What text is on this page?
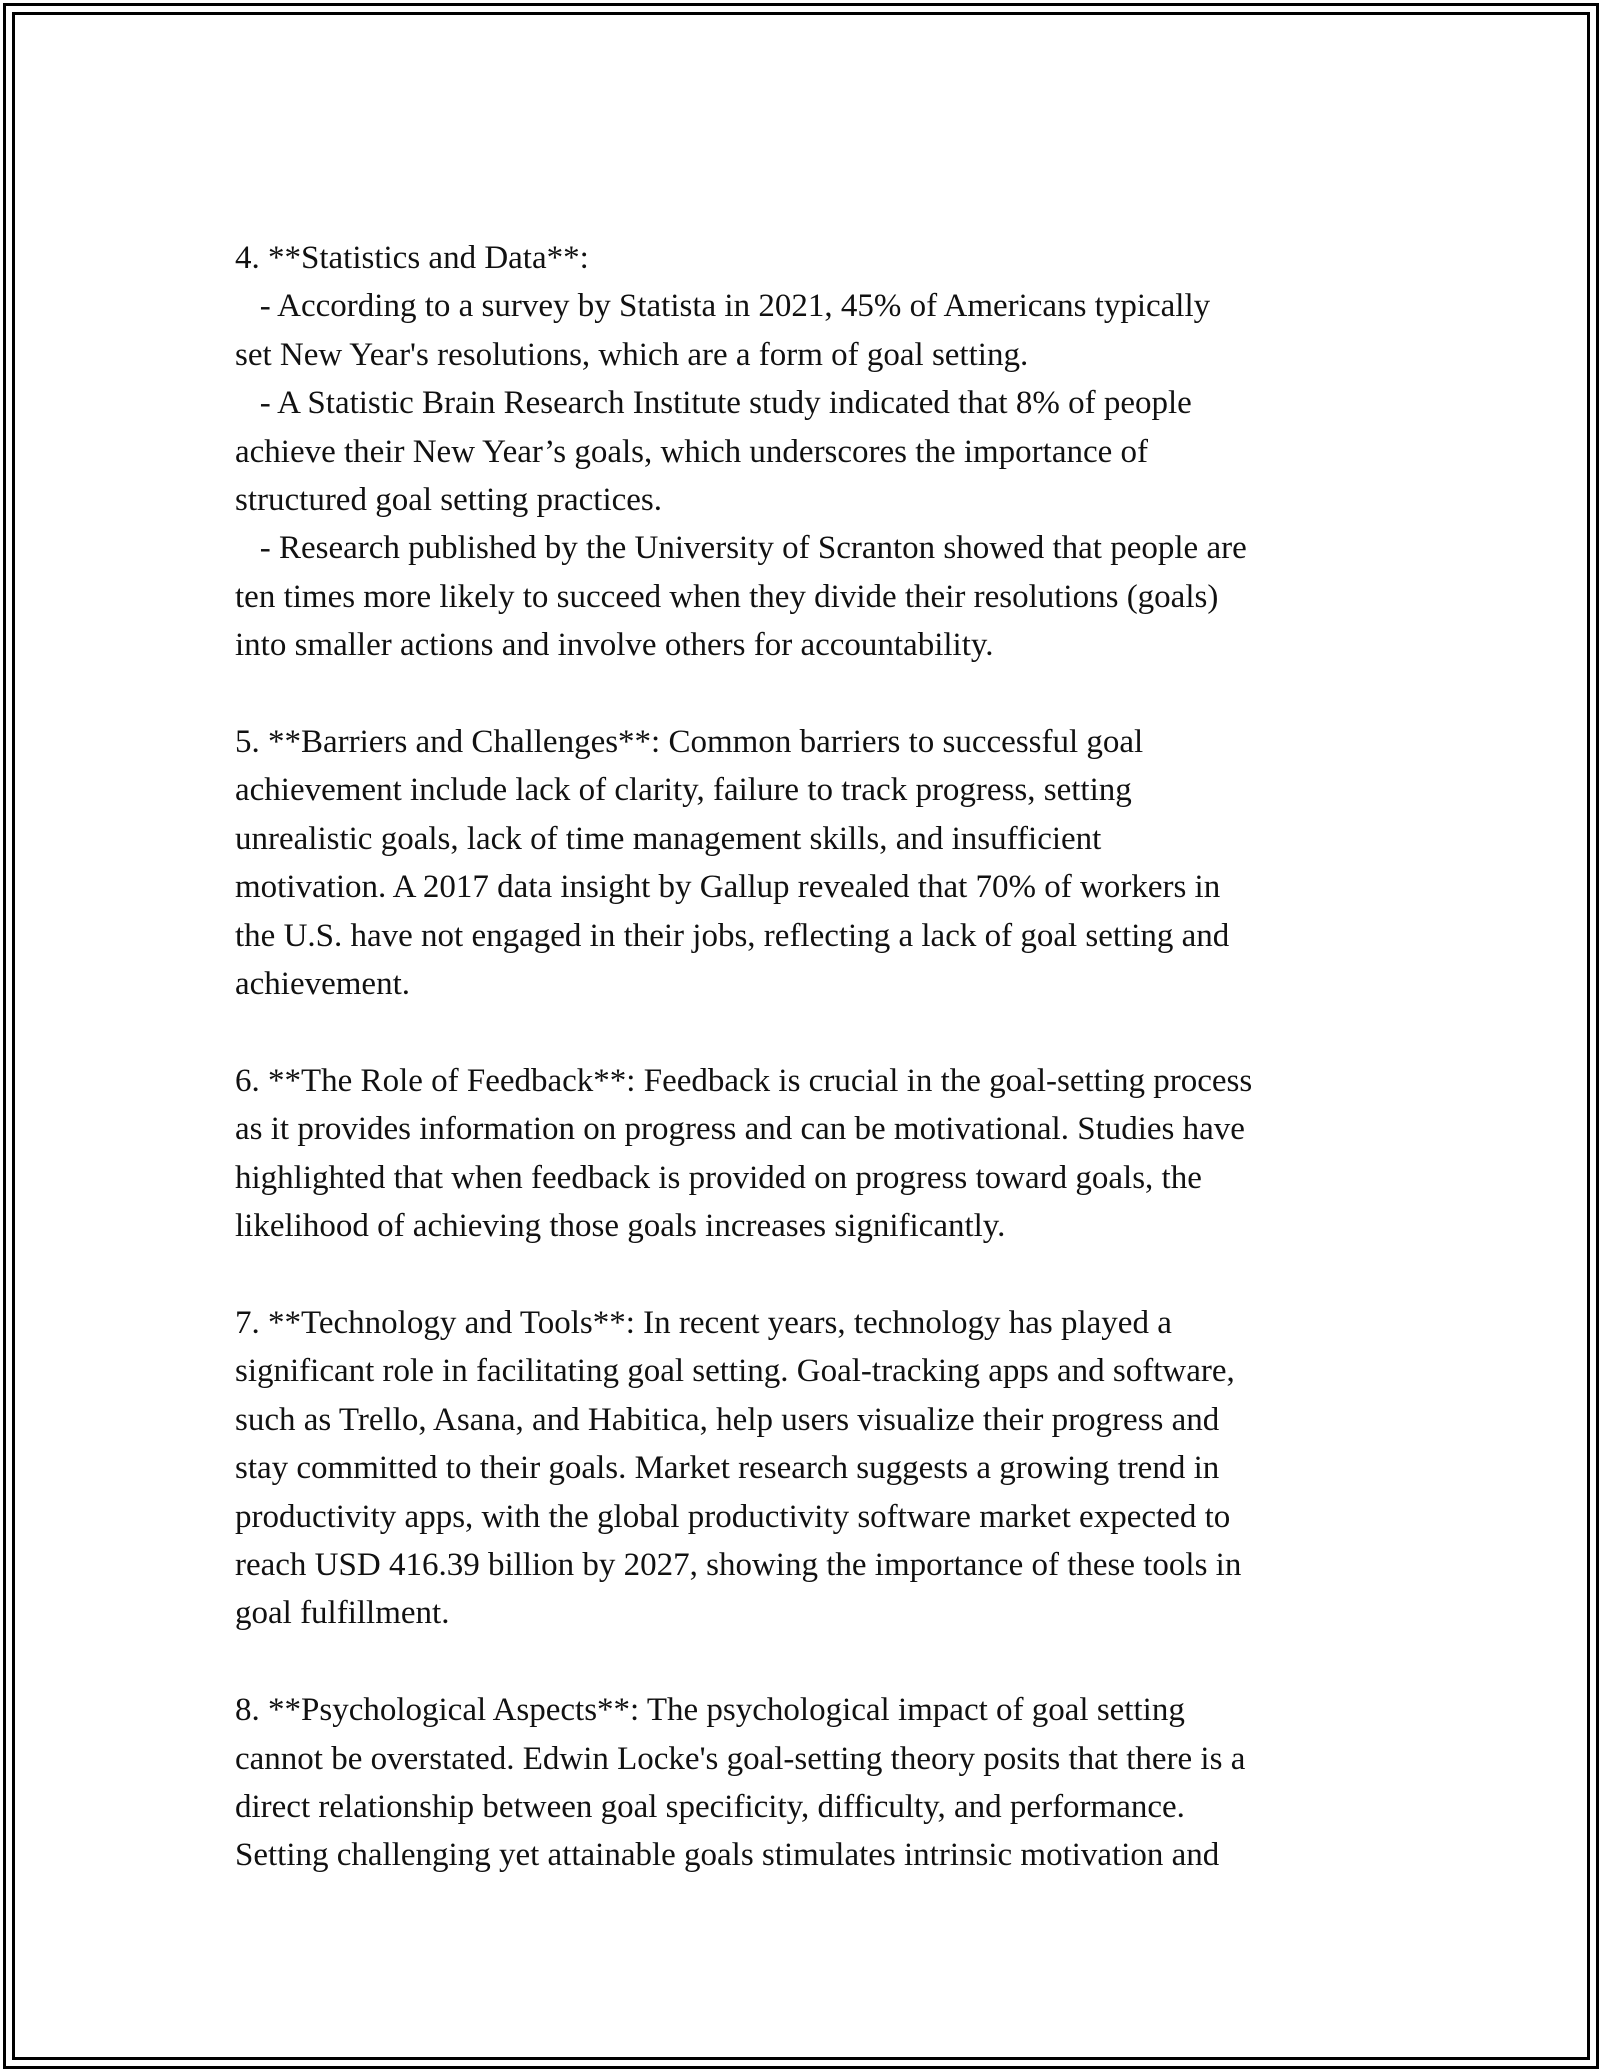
4. **Statistics and Data**:

- According to a survey by Statista in 2021, 45% of Americans typically

set New Year's resolutions, which are a form of goal setting.

- A Statistic Brain Research Institute study indicated that 8% of people

achieve their New Year’s goals, which underscores the importance of

structured goal setting practices.

- Research published by the University of Scranton showed that people are

ten times more likely to succeed when they divide their resolutions (goals)

into smaller actions and involve others for accountability.

5. **Barriers and Challenges**: Common barriers to successful goal

achievement include lack of clarity, failure to track progress, setting

unrealistic goals, lack of time management skills, and insufficient

motivation. A 2017 data insight by Gallup revealed that 70% of workers in

the U.S. have not engaged in their jobs, reflecting a lack of goal setting and

achievement.

6. **The Role of Feedback**: Feedback is crucial in the goal-setting process

as it provides information on progress and can be motivational. Studies have

highlighted that when feedback is provided on progress toward goals, the

likelihood of achieving those goals increases significantly.

7. **Technology and Tools**: In recent years, technology has played a

significant role in facilitating goal setting. Goal-tracking apps and software,

such as Trello, Asana, and Habitica, help users visualize their progress and

stay committed to their goals. Market research suggests a growing trend in

productivity apps, with the global productivity software market expected to

reach USD 416.39 billion by 2027, showing the importance of these tools in

goal fulfillment.

8. **Psychological Aspects**: The psychological impact of goal setting

cannot be overstated. Edwin Locke's goal-setting theory posits that there is a

direct relationship between goal specificity, difficulty, and performance.

Setting challenging yet attainable goals stimulates intrinsic motivation and
